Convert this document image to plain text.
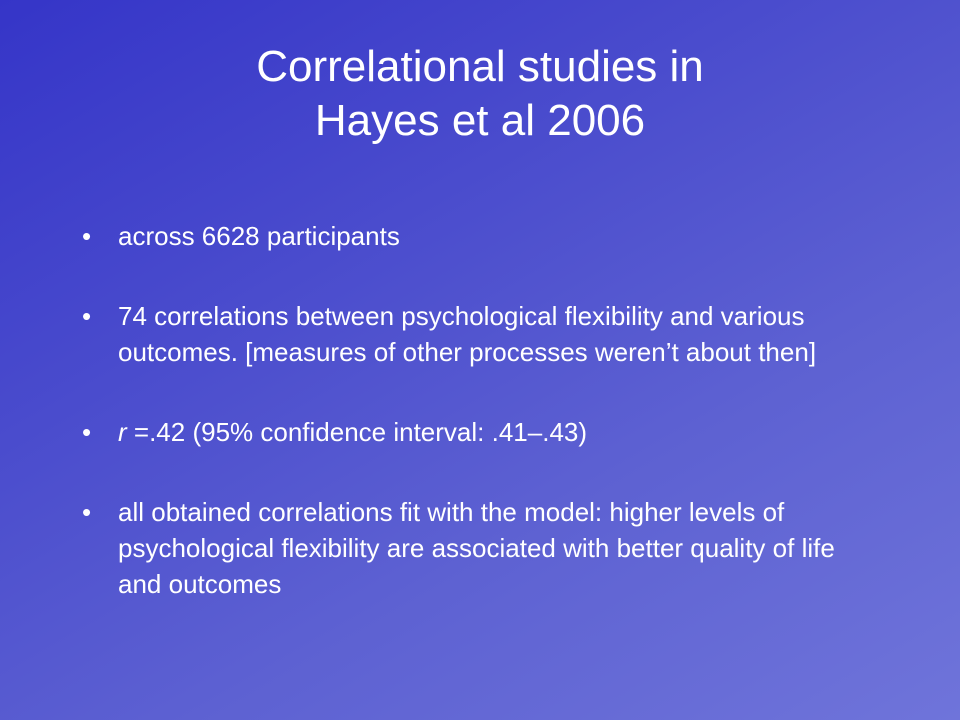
Correlational studies in
Hayes et al 2006
•	across 6628 participants
•	74 correlations between psychological flexibility and various outcomes. [measures of other processes weren’t about then]
•	r =.42 (95% confidence interval: .41–.43)
•	all obtained correlations fit with the model: higher levels of psychological flexibility are associated with better quality of life and outcomes
